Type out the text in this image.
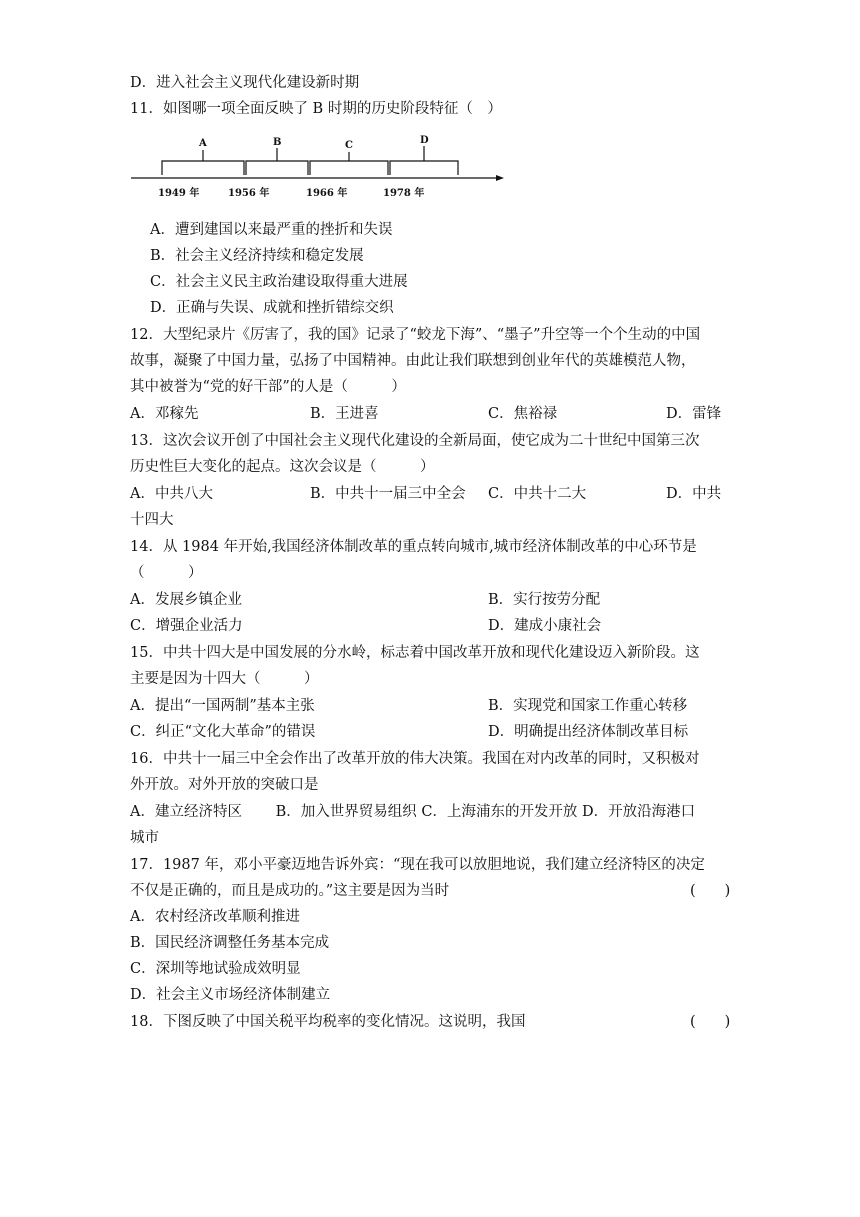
D．进入社会主义现代化建设新时期
11．如图哪一项全面反映了 B 时期的历史阶段特征（　）
A	B	C	D
1949 年	1956 年	1966 年	1978 年
A．遭到建国以来最严重的挫折和失误
B．社会主义经济持续和稳定发展
C．社会主义民主政治建设取得重大进展
D．正确与失误、成就和挫折错综交织
12．大型纪录片《厉害了，我的国》记录了“蛟龙下海”、“墨子”升空等一个个生动的中国
故事，凝聚了中国力量，弘扬了中国精神。由此让我们联想到创业年代的英雄模范人物，
其中被誉为“党的好干部”的人是（　　　）
A．邓稼先	B．王进喜	C．焦裕禄	D．雷锋
13．这次会议开创了中国社会主义现代化建设的全新局面，使它成为二十世纪中国第三次
历史性巨大变化的起点。这次会议是（　　　）
A．中共八大	B．中共十一届三中全会 C．中共十二大	D．中共
十四大
14．从 1984 年开始,我国经济体制改革的重点转向城市,城市经济体制改革的中心环节是
（　　　）
A．发展乡镇企业	B．实行按劳分配
C．增强企业活力	D．建成小康社会
15．中共十四大是中国发展的分水岭，标志着中国改革开放和现代化建设迈入新阶段。这
主要是因为十四大（　　　）
A．提出“一国两制”基本主张	B．实现党和国家工作重心转移
C．纠正“文化大革命”的错误	D．明确提出经济体制改革目标
16．中共十一届三中全会作出了改革开放的伟大决策。我国在对内改革的同时，又积极对
外开放。对外开放的突破口是
A．建立经济特区　　 B．加入世界贸易组织 C．上海浦东的开发开放 D．开放沿海港口
城市
17．1987 年，邓小平豪迈地告诉外宾：“现在我可以放胆地说，我们建立经济特区的决定
不仅是正确的，而且是成功的。”这主要是因为当时	(　　)
A．农村经济改革顺利推进
B．国民经济调整任务基本完成
C．深圳等地试验成效明显
D．社会主义市场经济体制建立
18．下图反映了中国关税平均税率的变化情况。这说明，我国	(　　)
